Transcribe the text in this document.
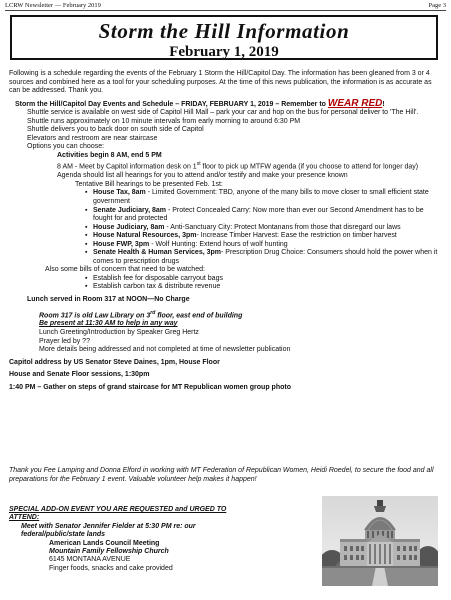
LCRW Newsletter — February 2019	Page 3
Storm the Hill Information
February 1, 2019

Following is a schedule regarding the events of the February 1 Storm the Hill/Capitol Day. The information has been gleaned from 3 or 4 sources and combined here as a tool for your scheduling purposes. At the time of this news publication, the information is as accurate as can be addressed. Thank you.

Storm the Hill/Capitol Day Events and Schedule – FRIDAY, FEBRUARY 1, 2019 – Remember to WEAR RED!

Shuttle service is available on west side of Capitol Hill Mall – park your car and hop on the bus for personal deliver to 'The Hill'. Shuttle runs approximately on 10 minute intervals from early morning to around 6:30 PM

Shuttle delivers you to back door on south side of Capitol

Elevators and restroom are near staircase

Options you can choose:

Activities begin 8 AM, end 5 PM

8 AM - Meet by Capitol information desk on 1st floor to pick up MTFW agenda (if you choose to attend for longer day)

Agenda should list all hearings for you to attend and/or testify and make your presence known

Tentative Bill hearings to be presented Feb. 1st:

▪ House Tax, 8am - Limited Government: TBD, anyone of the many bills to move closer to small efficient state government
▪ Senate Judiciary, 8am - Protect Concealed Carry: Now more than ever our Second Amendment has to be fought for and protected
▪ House Judiciary, 8am - Anti-Sanctuary City: Protect Montanans from those that disregard our laws
▪ House Natural Resources, 3pm- Increase Timber Harvest: Ease the restriction on timber harvest
▪ House FWP, 3pm - Wolf Hunting: Extend hours of wolf hunting
▪ Senate Health & Human Services, 3pm- Prescription Drug Choice: Consumers should hold the power when it comes to prescription drugs

Also some bills of concern that need to be watched:

▪ Establish fee for disposable carryout bags
▪ Establish carbon tax & distribute revenue

Lunch served in Room 317 at NOON—No Charge

Room 317 is old Law Library on 3rd floor, east end of building

Be present at 11:30 AM to help in any way

Lunch Greeting/Introduction by Speaker Greg Hertz

Prayer led by ??

More details being addressed and not completed at time of newsletter publication

Capitol address by US Senator Steve Daines, 1pm, House Floor

House and Senate Floor sessions, 1:30pm

1:40 PM – Gather on steps of grand staircase for MT Republican women group photo

Thank you Fee Lamping and Donna Elford in working with MT Federation of Republican Women, Heidi Roedel, to secure the food and all preparations for the February 1 event. Valuable volunteer help makes it happen!

SPECIAL ADD-ON EVENT YOU ARE REQUESTED and URGED TO ATTEND:

Meet with Senator Jennifer Fielder at 5:30 PM re: our federal/public/state lands

American Lands Council Meeting

Mountain Family Fellowship Church

6145 MONTANA AVENUE

Finger foods, snacks and cake provided
